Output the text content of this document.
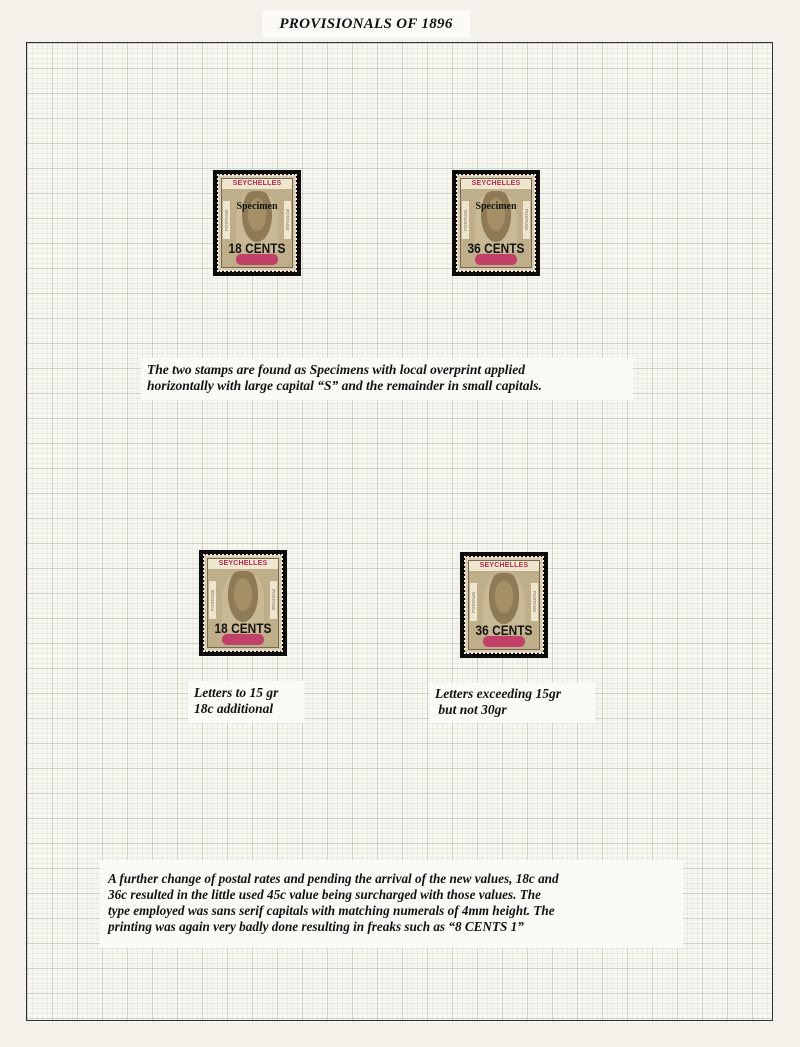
PROVISIONALS OF 1896
SEYCHELLES
POSTAGE	POSTAGE
Specimen
18 CENTS
SEYCHELLES
POSTAGE	POSTAGE
Specimen
36 CENTS
The two stamps are found as Specimens with local overprint applied
horizontally with large capital “S” and the remainder in small capitals.
SEYCHELLES
POSTAGE	POSTAGE
18 CENTS
SEYCHELLES
POSTAGE	POSTAGE
36 CENTS
Letters to 15 gr
18c additional
Letters exceeding 15gr
but not 30gr
A further change of postal rates and pending the arrival of the new values, 18c and
36c resulted in the little used 45c value being surcharged with those values. The
type employed was sans serif capitals with matching numerals of 4mm height. The
printing was again very badly done resulting in freaks such as “8 CENTS 1”
